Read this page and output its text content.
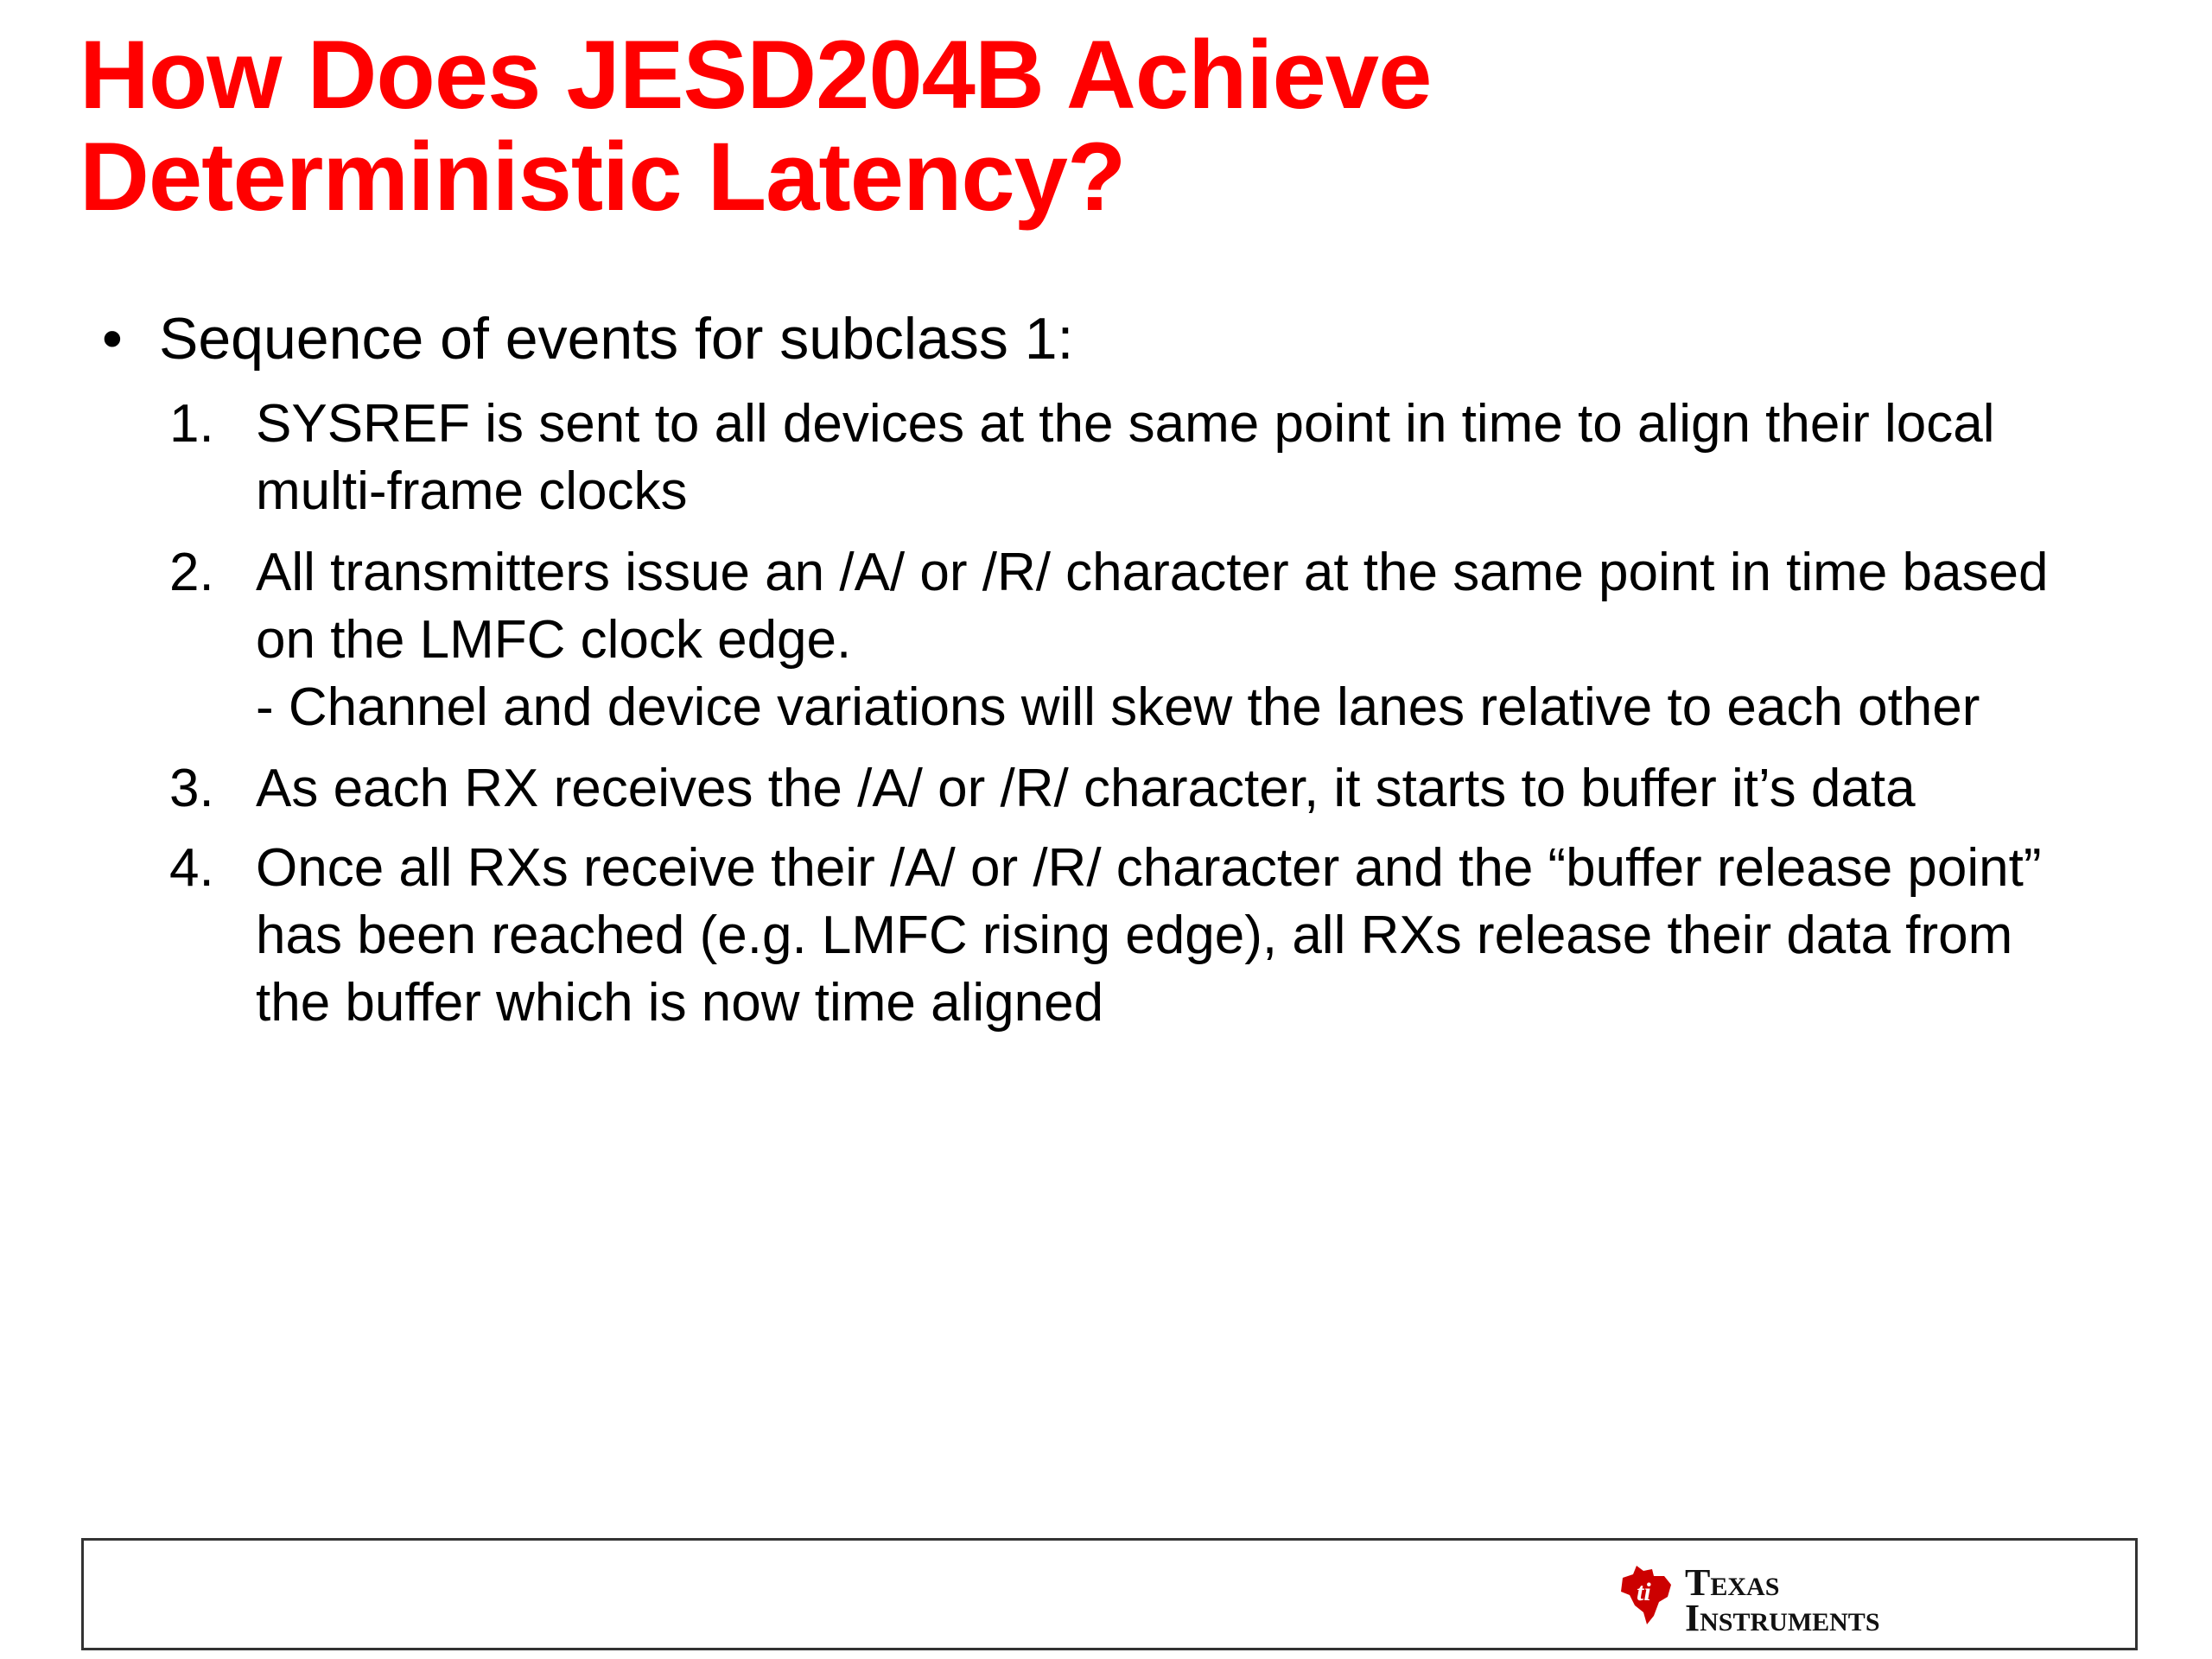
How Does JESD204B Achieve
Deterministic Latency?
• Sequence of events for subclass 1:
1. SYSREF is sent to all devices at the same point in time to align their local
multi-frame clocks
2. All transmitters issue an /A/ or /R/ character at the same point in time based
on the LMFC clock edge.
- Channel and device variations will skew the lanes relative to each other
3. As each RX receives the /A/ or /R/ character, it starts to buffer it’s data
4. Once all RXs receive their /A/ or /R/ character and the “buffer release point”
has been reached (e.g. LMFC rising edge), all RXs release their data from
the buffer which is now time aligned
ti TEXAS
INSTRUMENTS
